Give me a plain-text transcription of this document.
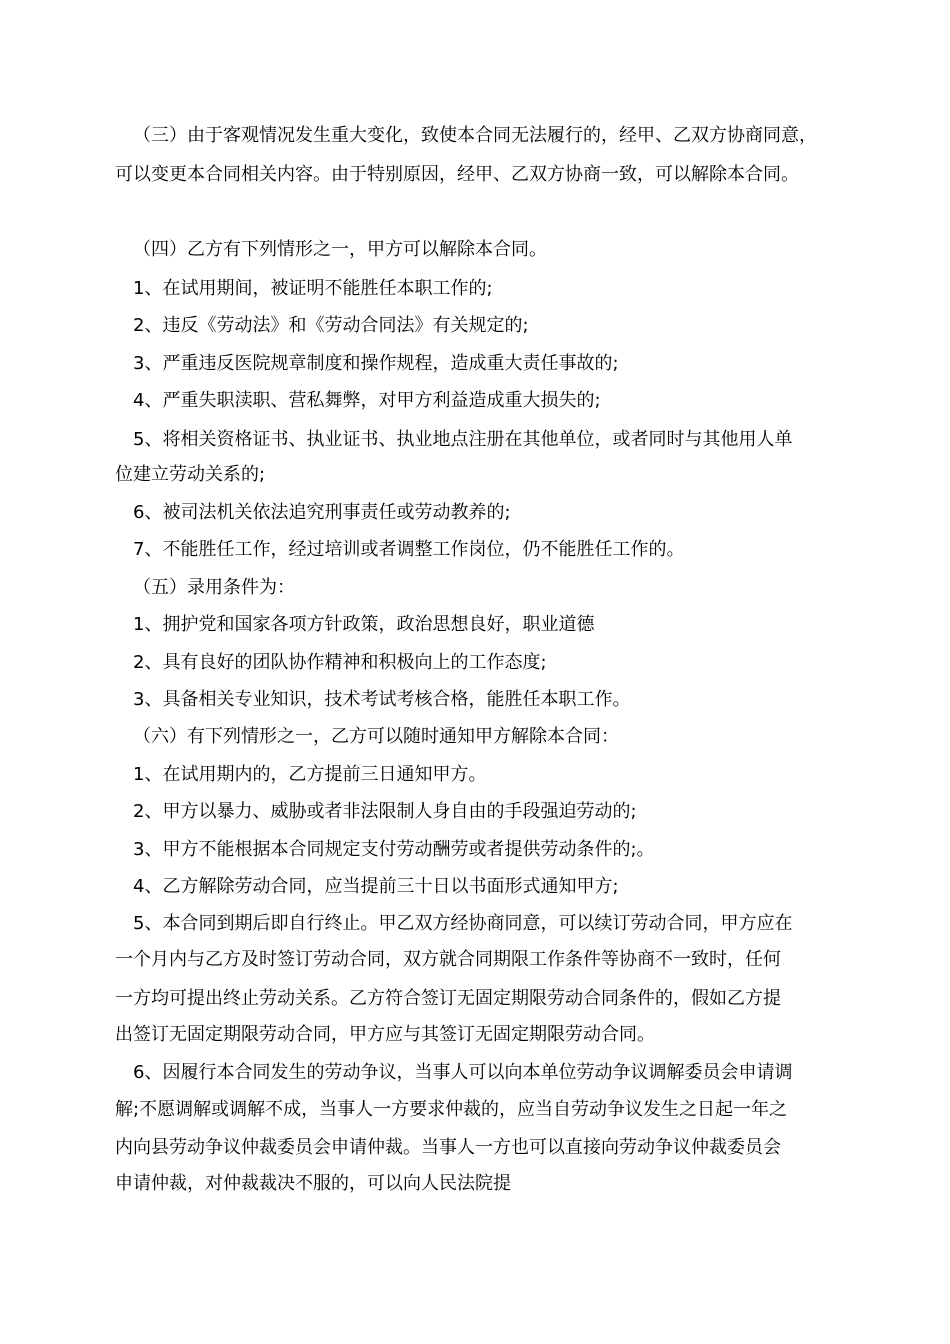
（三）由于客观情况发生重大变化，致使本合同无法履行的，经甲、乙双方协商同意，
可以变更本合同相关内容。由于特别原因，经甲、乙双方协商一致，可以解除本合同。
（四）乙方有下列情形之一，甲方可以解除本合同。
1、在试用期间，被证明不能胜任本职工作的;
2、违反《劳动法》和《劳动合同法》有关规定的;
3、严重违反医院规章制度和操作规程，造成重大责任事故的;
4、严重失职渎职、营私舞弊，对甲方利益造成重大损失的;
5、将相关资格证书、执业证书、执业地点注册在其他单位，或者同时与其他用人单
位建立劳动关系的;
6、被司法机关依法追究刑事责任或劳动教养的;
7、不能胜任工作，经过培训或者调整工作岗位，仍不能胜任工作的。
（五）录用条件为：
1、拥护党和国家各项方针政策，政治思想良好，职业道德
2、具有良好的团队协作精神和积极向上的工作态度;
3、具备相关专业知识，技术考试考核合格，能胜任本职工作。
（六）有下列情形之一，乙方可以随时通知甲方解除本合同：
1、在试用期内的，乙方提前三日通知甲方。
2、甲方以暴力、威胁或者非法限制人身自由的手段强迫劳动的;
3、甲方不能根据本合同规定支付劳动酬劳或者提供劳动条件的;。
4、乙方解除劳动合同，应当提前三十日以书面形式通知甲方;
5、本合同到期后即自行终止。甲乙双方经协商同意，可以续订劳动合同，甲方应在
一个月内与乙方及时签订劳动合同，双方就合同期限工作条件等协商不一致时，任何
一方均可提出终止劳动关系。乙方符合签订无固定期限劳动合同条件的，假如乙方提
出签订无固定期限劳动合同，甲方应与其签订无固定期限劳动合同。
6、因履行本合同发生的劳动争议，当事人可以向本单位劳动争议调解委员会申请调
解;不愿调解或调解不成，当事人一方要求仲裁的，应当自劳动争议发生之日起一年之
内向县劳动争议仲裁委员会申请仲裁。当事人一方也可以直接向劳动争议仲裁委员会
申请仲裁，对仲裁裁决不服的，可以向人民法院提
